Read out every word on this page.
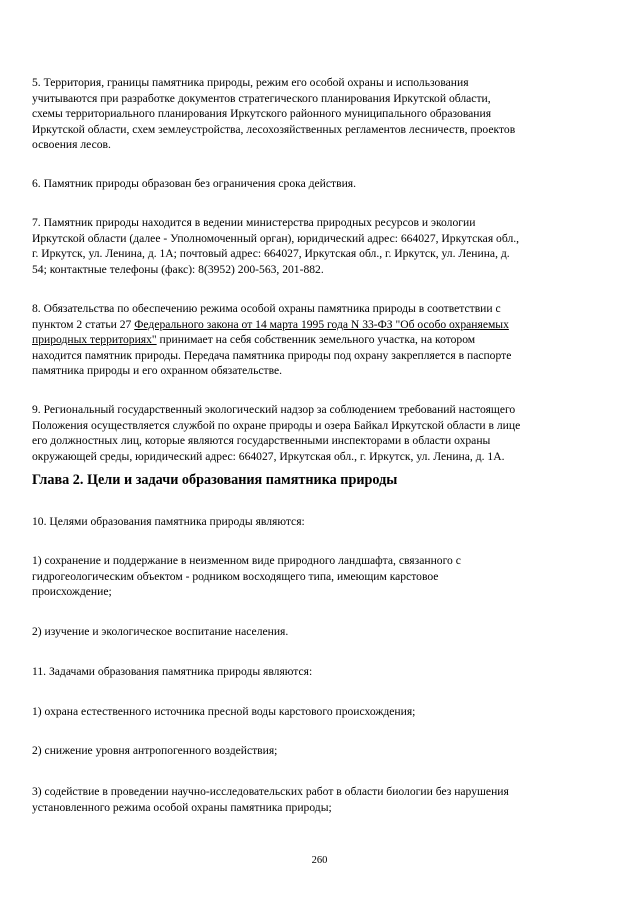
5. Территория, границы памятника природы, режим его особой охраны и использования
учитываются при разработке документов стратегического планирования Иркутской области,
схемы территориального планирования Иркутского районного муниципального образования
Иркутской области, схем землеустройства, лесохозяйственных регламентов лесничеств, проектов
освоения лесов.

6. Памятник природы образован без ограничения срока действия.

7. Памятник природы находится в ведении министерства природных ресурсов и экологии
Иркутской области (далее - Уполномоченный орган), юридический адрес: 664027, Иркутская обл.,
г. Иркутск, ул. Ленина, д. 1А; почтовый адрес: 664027, Иркутская обл., г. Иркутск, ул. Ленина, д.
54; контактные телефоны (факс): 8(3952) 200-563, 201-882.

8. Обязательства по обеспечению режима особой охраны памятника природы в соответствии с
пунктом 2 статьи 27 Федерального закона от 14 марта 1995 года N 33-ФЗ "Об особо охраняемых
природных территориях" принимает на себя собственник земельного участка, на котором
находится памятник природы. Передача памятника природы под охрану закрепляется в паспорте
памятника природы и его охранном обязательстве.

9. Региональный государственный экологический надзор за соблюдением требований настоящего
Положения осуществляется службой по охране природы и озера Байкал Иркутской области в лице
его должностных лиц, которые являются государственными инспекторами в области охраны
окружающей среды, юридический адрес: 664027, Иркутская обл., г. Иркутск, ул. Ленина, д. 1А.

Глава 2. Цели и задачи образования памятника природы

10. Целями образования памятника природы являются:

1) сохранение и поддержание в неизменном виде природного ландшафта, связанного с
гидрогеологическим объектом - родником восходящего типа, имеющим карстовое
происхождение;

2) изучение и экологическое воспитание населения.

11. Задачами образования памятника природы являются:

1) охрана естественного источника пресной воды карстового происхождения;

2) снижение уровня антропогенного воздействия;

3) содействие в проведении научно-исследовательских работ в области биологии без нарушения
установленного режима особой охраны памятника природы;

260
